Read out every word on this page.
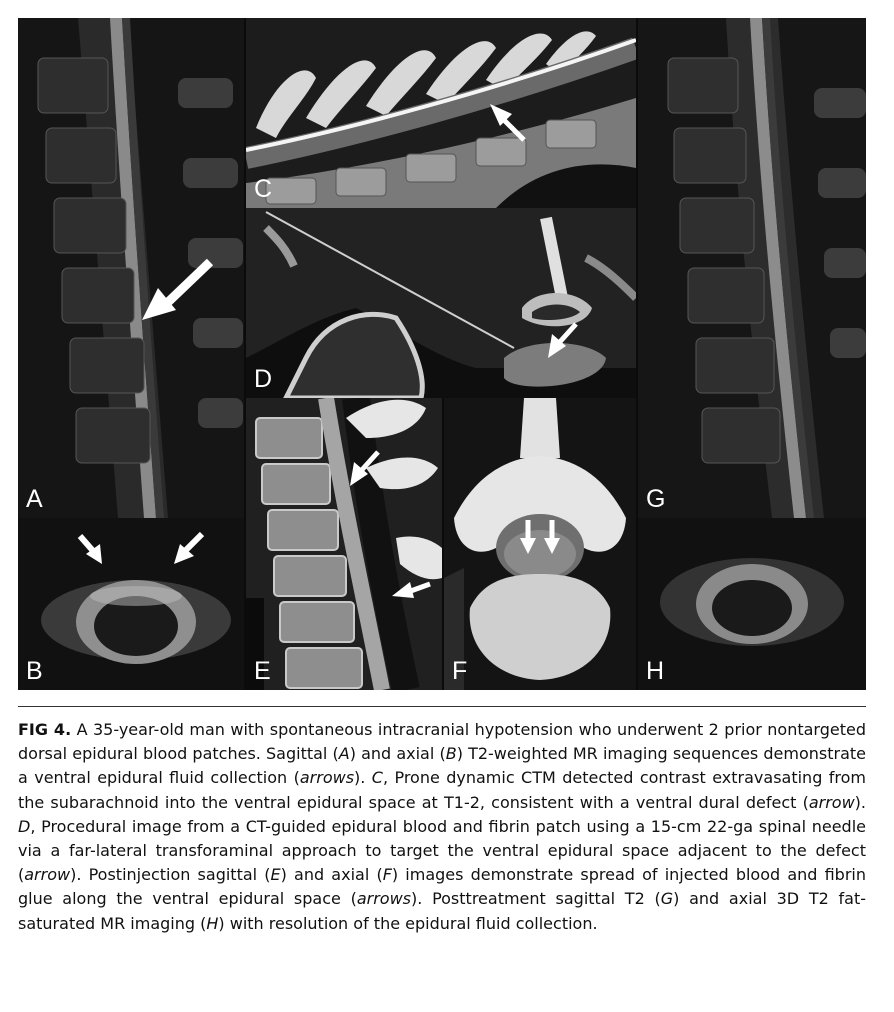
A
B
C
D
E	F
G
H
FIG 4. A 35-year-old man with spontaneous intracranial hypotension who underwent 2 prior nontargeted dorsal epidural blood patches. Sagittal (A) and axial (B) T2-weighted MR imaging sequences demonstrate a ventral epidural fluid collection (arrows). C, Prone dynamic CTM detected contrast extravasating from the subarachnoid into the ventral epidural space at T1-2, consistent with a ventral dural defect (arrow). D, Procedural image from a CT-guided epidural blood and fibrin patch using a 15-cm 22-ga spinal needle via a far-lateral transforaminal approach to target the ventral epidural space adjacent to the defect (arrow). Postinjection sagittal (E) and axial (F) images demonstrate spread of injected blood and fibrin glue along the ventral epidural space (arrows). Posttreatment sagittal T2 (G) and axial 3D T2 fat-saturated MR imaging (H) with resolution of the epidural fluid collection.
